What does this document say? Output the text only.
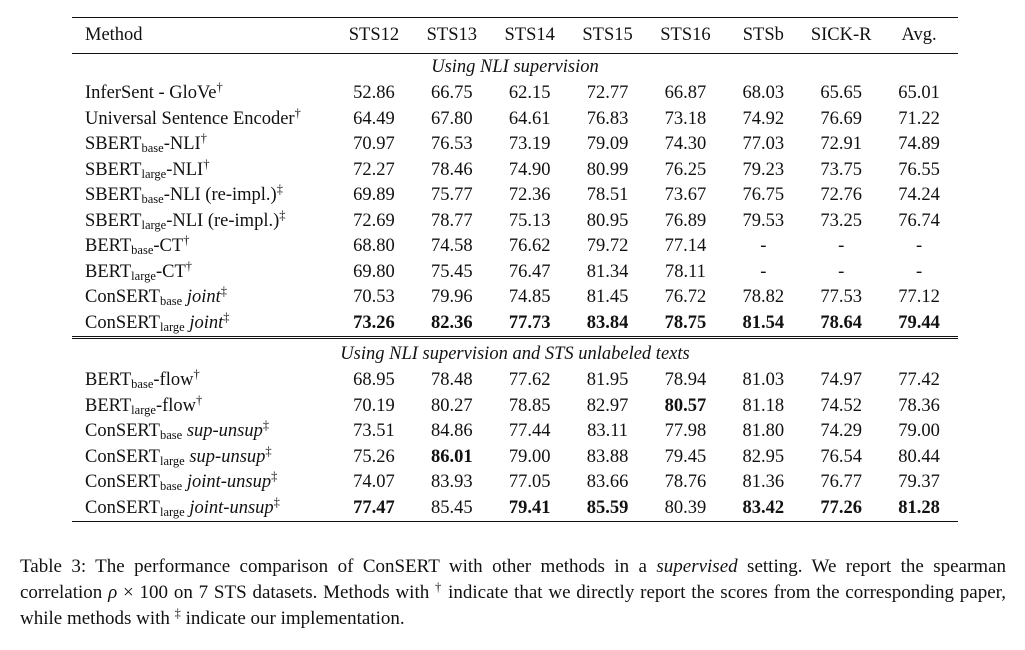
Method	STS12	STS13	STS14	STS15	STS16	STSb	SICK-R	Avg.
Using NLI supervision								
InferSent - GloVe†	52.86	66.75	62.15	72.77	66.87	68.03	65.65	65.01
Universal Sentence Encoder†	64.49	67.80	64.61	76.83	73.18	74.92	76.69	71.22
$SBERT_{base}-NLI^\dagger$	70.97	76.53	73.19	79.09	74.30	77.03	72.91	74.89
$SBERT_{large}-NLI^\dagger$	72.27	78.46	74.90	80.99	76.25	79.23	73.75	76.55
$SBERT_{base}$-NLI (re-impl.)‡	69.89	75.77	72.36	78.51	73.67	76.75	72.76	74.24
$SBERT_{large}$-NLI (re-impl.)‡	72.69	78.77	75.13	80.95	76.89	79.53	73.25	76.74
$BERT_{base}-CT^\dagger$	68.80	74.58	76.62	79.72	77.14	-	-	-
$BERT_{large}-CT^\dagger$	69.80	75.45	76.47	81.34	78.11	-	-	-
ConSERT$_{base}$ joint‡	70.53	79.96	74.85	81.45	76.72	78.82	77.53	77.12
ConSERT$_{large}$ joint‡	73.26	82.36	77.73	83.84	78.75	81.54	78.64	79.44
Using NLI supervision and STS unlabeled texts								
$BERT_{base}-flow^\dagger$	68.95	78.48	77.62	81.95	78.94	81.03	74.97	77.42
$BERT_{large}-flow^\dagger$	70.19	80.27	78.85	82.97	80.57	81.18	74.52	78.36
ConSERT$_{base}$ sup-unsup‡	73.51	84.86	77.44	83.11	77.98	81.80	74.29	79.00
ConSERT$_{large}$ sup-unsup‡	75.26	86.01	79.00	83.88	79.45	82.95	76.54	80.44
ConSERT$_{base}$ joint-unsup‡	74.07	83.93	77.05	83.66	78.76	81.36	76.77	79.37
ConSERT$_{large}$ joint-unsup‡	77.47	85.45	79.41	85.59	80.39	83.42	77.26	81.28
Table 3: The performance comparison of ConSERT with other methods in a supervised setting. We report the spearman correlation ρ × 100 on 7 STS datasets. Methods with † indicate that we directly report the scores from the corresponding paper, while methods with ‡ indicate our implementation.
